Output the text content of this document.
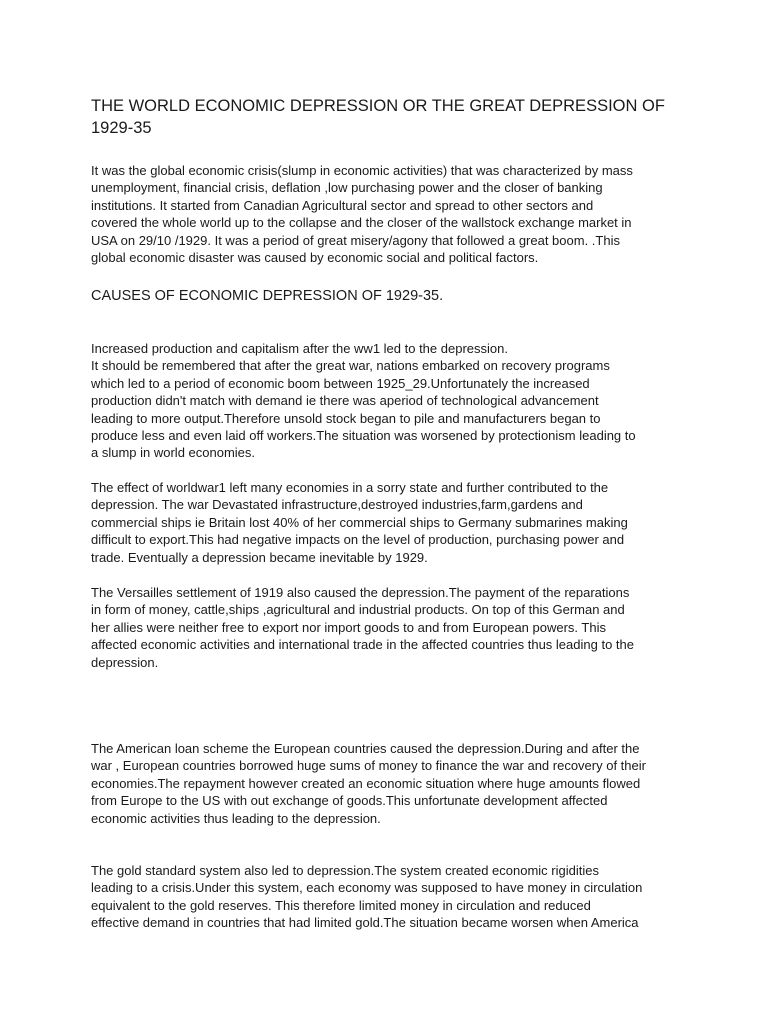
THE WORLD ECONOMIC DEPRESSION OR THE GREAT DEPRESSION OF
1929-35

It was the global economic crisis(slump in economic activities) that was characterized by mass
unemployment, financial crisis, deflation ,low purchasing power and the closer of banking
institutions. It started from Canadian Agricultural sector and spread to other sectors and
covered the whole world up to the collapse and the closer of the wallstock exchange market in
USA on 29/10 /1929. It was a period of great misery/agony that followed a great boom. .This
global economic disaster was caused by economic social and political factors.

CAUSES OF ECONOMIC DEPRESSION OF 1929-35.

Increased production and capitalism after the ww1 led to the depression.
It should be remembered that after the great war, nations embarked on recovery programs
which led to a period of economic boom between 1925_29.Unfortunately the increased
production didn't match with demand ie there was aperiod of technological advancement
leading to more output.Therefore unsold stock began to pile and manufacturers began to
produce less and even laid off workers.The situation was worsened by protectionism leading to
a slump in world economies.

The effect of worldwar1 left many economies in a sorry state and further contributed to the
depression. The war Devastated infrastructure,destroyed industries,farm,gardens and
commercial ships ie Britain lost 40% of her commercial ships to Germany submarines making
difficult to export.This had negative impacts on the level of production, purchasing power and
trade. Eventually a depression became inevitable by 1929.

The Versailles settlement of 1919 also caused the depression.The payment of the reparations
in form of money, cattle,ships ,agricultural and industrial products. On top of this German and
her allies were neither free to export nor import goods to and from European powers. This
affected economic activities and international trade in the affected countries thus leading to the
depression.

The American loan scheme the European countries caused the depression.During and after the
war , European countries borrowed huge sums of money to finance the war and recovery of their
economies.The repayment however created an economic situation where huge amounts flowed
from Europe to the US with out exchange of goods.This unfortunate development affected
economic activities thus leading to the depression.

The gold standard system also led to depression.The system created economic rigidities
leading to a crisis.Under this system, each economy was supposed to have money in circulation
equivalent to the gold reserves. This therefore limited money in circulation and reduced
effective demand in countries that had limited gold.The situation became worsen when America
